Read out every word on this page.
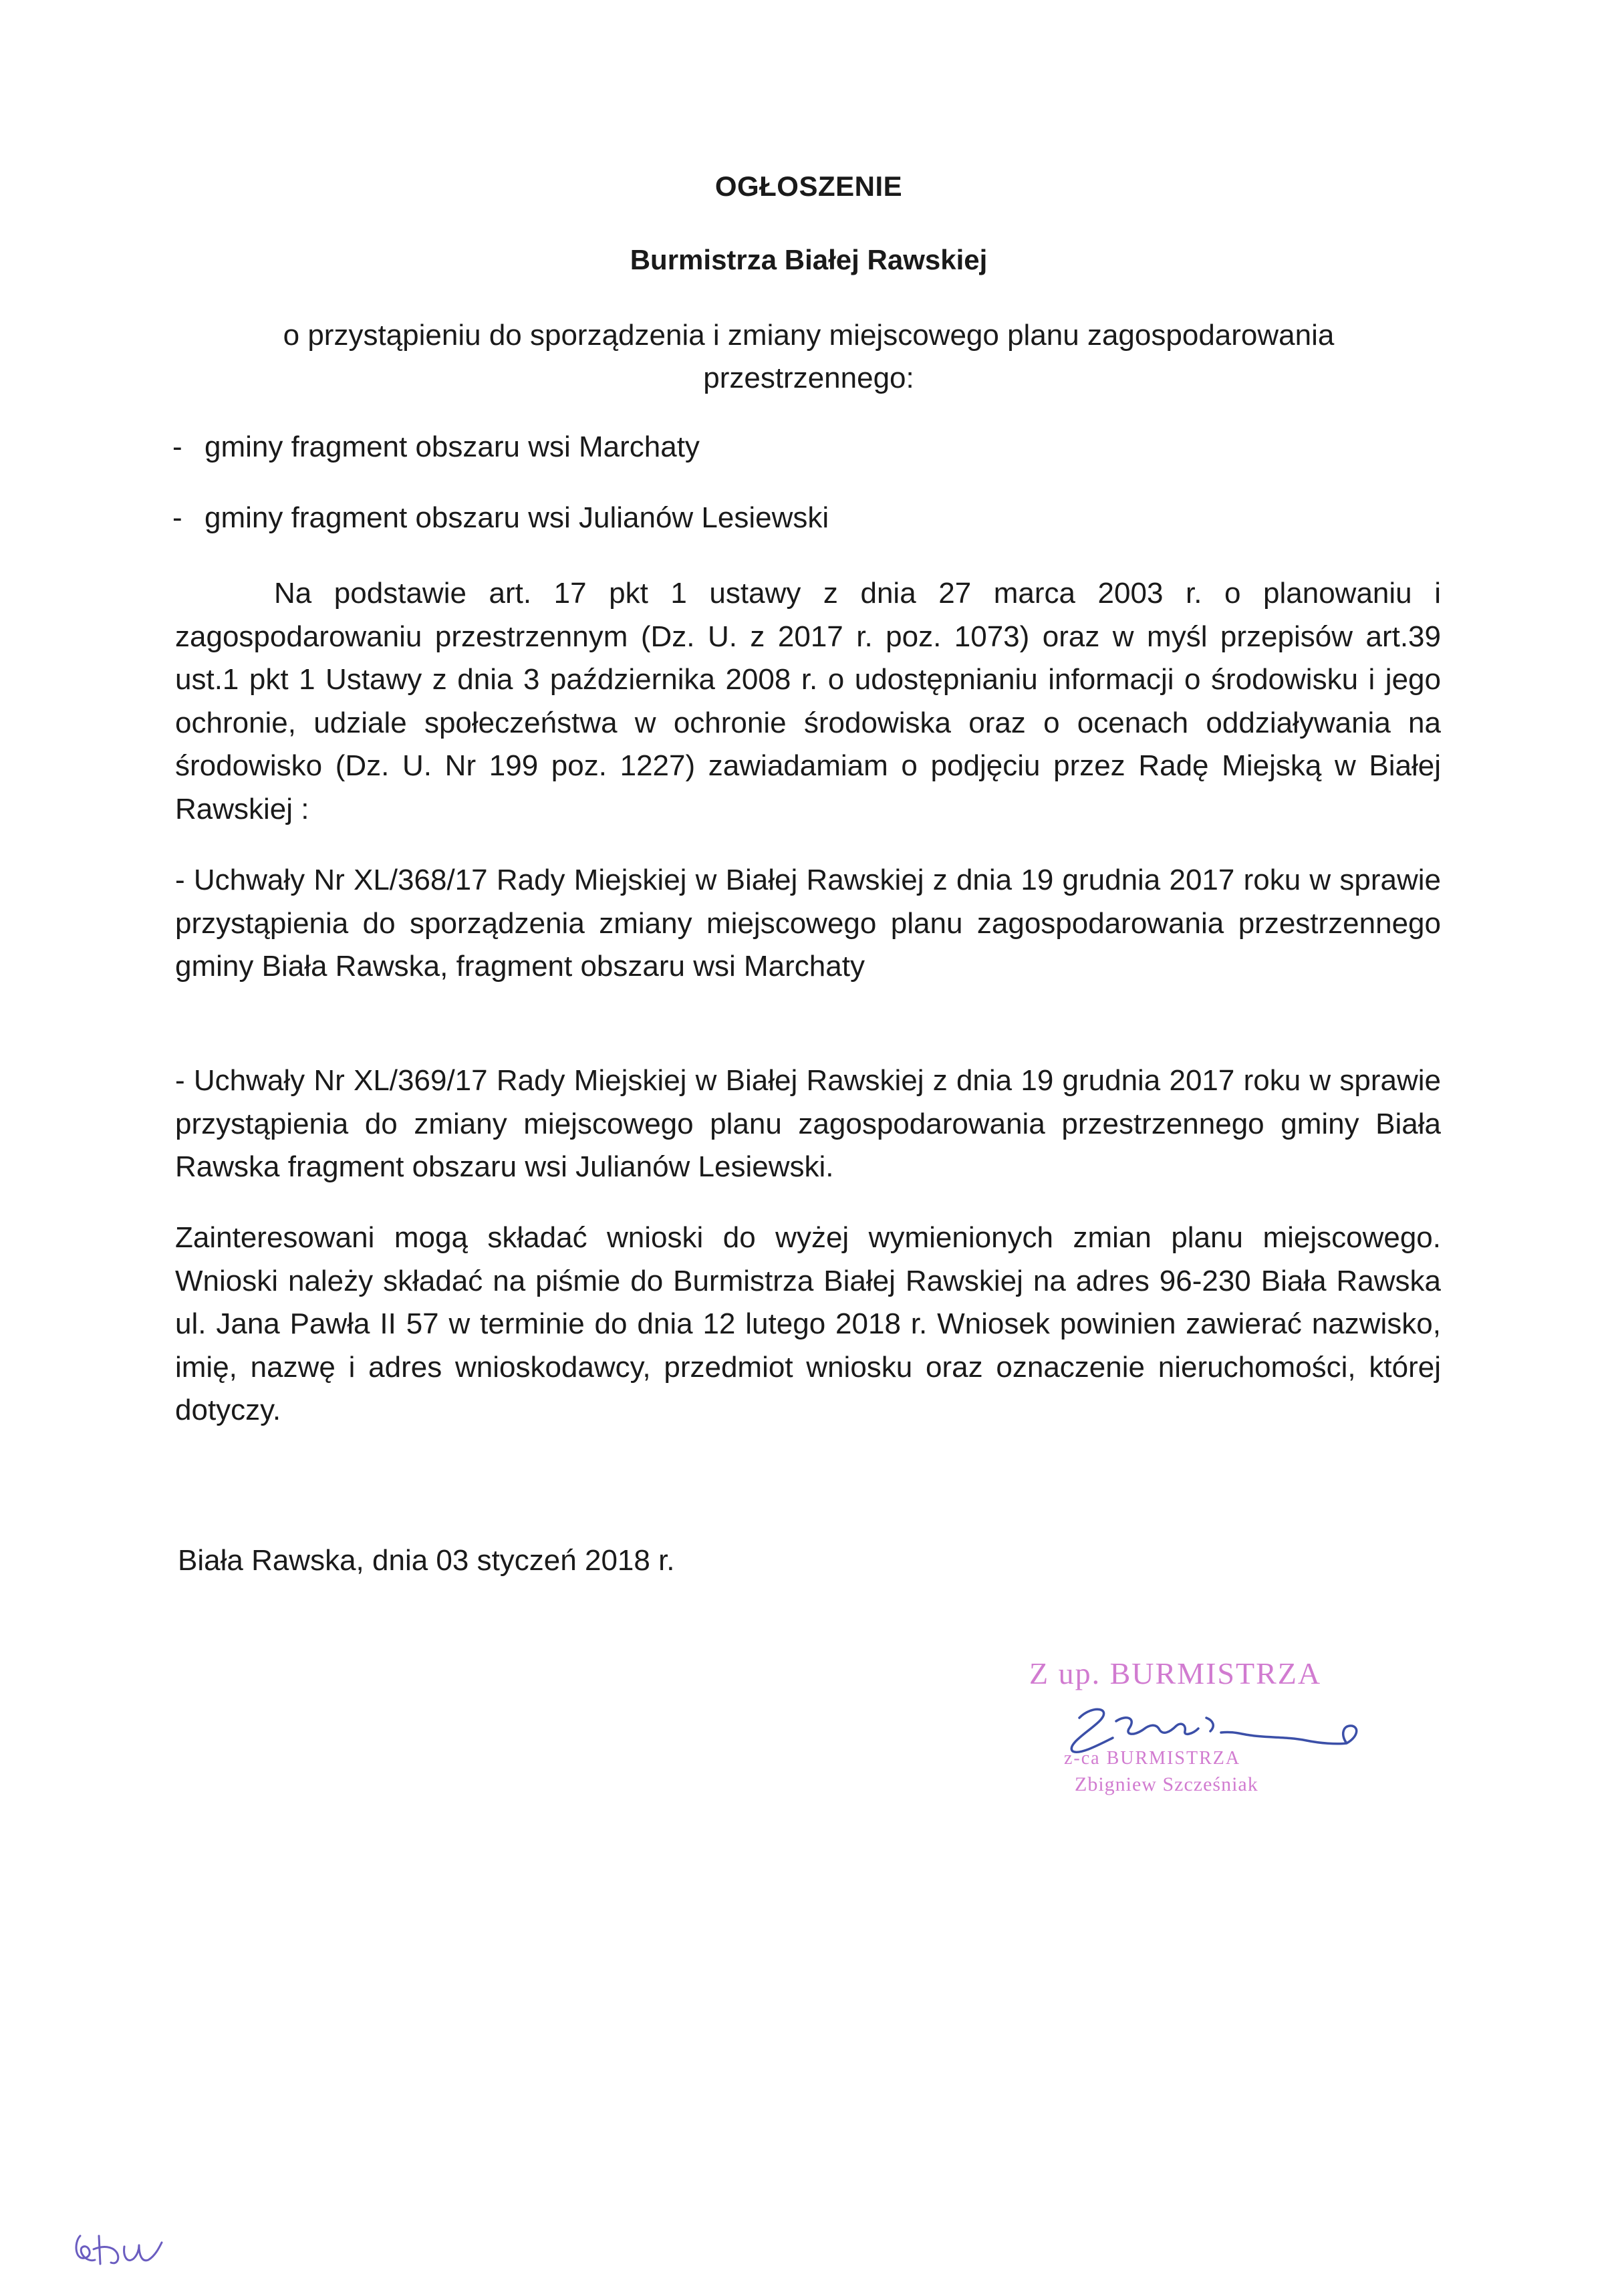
OGŁOSZENIE

Burmistrza Białej Rawskiej

o przystąpieniu do sporządzenia i zmiany miejscowego planu zagospodarowania przestrzennego:

- gminy fragment obszaru wsi Marchaty

- gminy fragment obszaru wsi Julianów Lesiewski

Na podstawie art. 17 pkt 1 ustawy z dnia 27 marca 2003 r. o planowaniu i zagospodarowaniu przestrzennym (Dz. U. z 2017 r. poz. 1073) oraz w myśl przepisów art.39 ust.1 pkt 1 Ustawy z dnia 3 października 2008 r. o udostępnianiu informacji o środowisku i jego ochronie, udziale społeczeństwa w ochronie środowiska oraz o ocenach oddziaływania na środowisko (Dz. U. Nr 199 poz. 1227) zawiadamiam o podjęciu przez Radę Miejską w Białej Rawskiej :

- Uchwały Nr XL/368/17 Rady Miejskiej w Białej Rawskiej z dnia 19 grudnia 2017 roku w sprawie przystąpienia do sporządzenia zmiany miejscowego planu zagospodarowania przestrzennego gminy Biała Rawska, fragment obszaru wsi Marchaty

- Uchwały Nr XL/369/17 Rady Miejskiej w Białej Rawskiej z dnia 19 grudnia 2017 roku w sprawie przystąpienia do zmiany miejscowego planu zagospodarowania przestrzennego gminy Biała Rawska fragment obszaru wsi Julianów Lesiewski.

Zainteresowani mogą składać wnioski do wyżej wymienionych zmian planu miejscowego. Wnioski należy składać na piśmie do Burmistrza Białej Rawskiej na adres 96-230 Biała Rawska ul. Jana Pawła II 57 w terminie do dnia 12 lutego 2018 r. Wniosek powinien zawierać nazwisko, imię, nazwę i adres wnioskodawcy, przedmiot wniosku oraz oznaczenie nieruchomości, której dotyczy.

Biała Rawska, dnia 03 styczeń 2018 r.

Z up. BURMISTRZA

z-ca BURMISTRZA

Zbigniew Szcześniak
